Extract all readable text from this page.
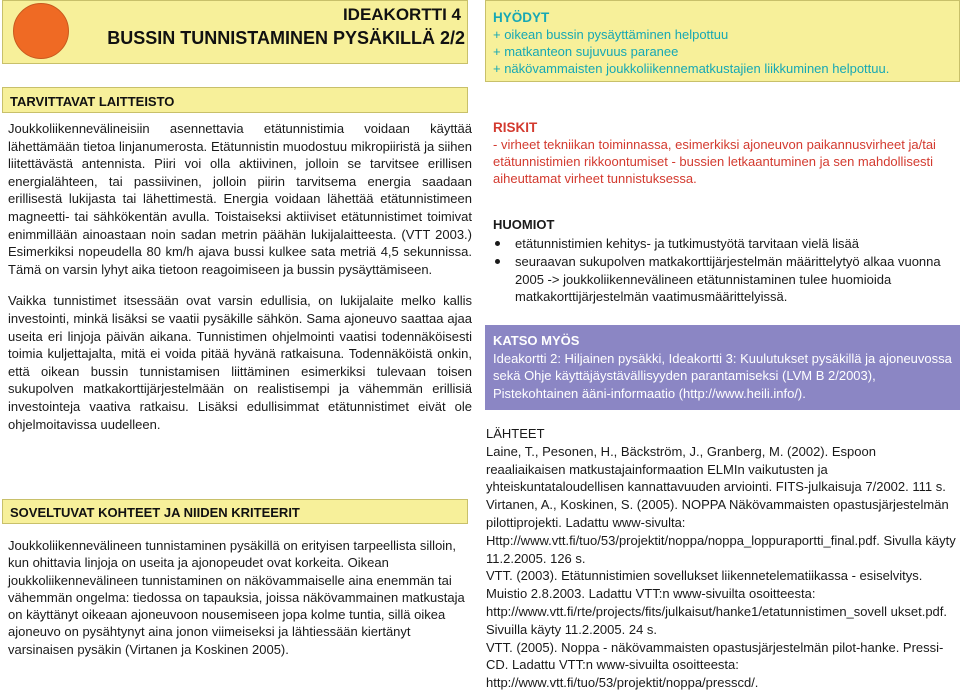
IDEAKORTTI 4
BUSSIN TUNNISTAMINEN PYSÄKILLÄ 2/2
TARVITTAVAT LAITTEISTO

Joukkoliikennevälineisiin asennettavia etätunnistimia voidaan käyttää lähettämään tietoa linjanumerosta. Etätunnistin muodostuu mikropiiristä ja siihen liitettävästä antennista. Piiri voi olla aktiivinen, jolloin se tarvitsee erillisen energialähteen, tai passiivinen, jolloin piirin tarvitsema energia saadaan erillisestä lukijasta tai lähettimestä. Energia voidaan lähettää etätunnistimeen magneetti- tai sähkökentän avulla. Toistaiseksi aktiiviset etätunnistimet toimivat enimmillään ainoastaan noin sadan metrin päähän lukijalaitteesta. (VTT 2003.) Esimerkiksi nopeudella 80 km/h ajava bussi kulkee sata metriä 4,5 sekunnissa. Tämä on varsin lyhyt aika tietoon reagoimiseen ja bussin pysäyttämiseen.

Vaikka tunnistimet itsessään ovat varsin edullisia, on lukijalaite melko kallis investointi, minkä lisäksi se vaatii pysäkille sähkön. Sama ajoneuvo saattaa ajaa useita eri linjoja päivän aikana. Tunnistimen ohjelmointi vaatisi todennäköisesti toimia kuljettajalta, mitä ei voida pitää hyvänä ratkaisuna. Todennäköistä onkin, että oikean bussin tunnistamisen liittäminen esimerkiksi tulevaan toisen sukupolven matkakorttijärjestelmään on realistisempi ja vähemmän erillisiä investointeja vaativa ratkaisu. Lisäksi edullisimmat etätunnistimet eivät ole ohjelmoitavissa uudelleen.

SOVELTUVAT KOHTEET JA NIIDEN KRITEERIT
Joukkoliikennevälineen tunnistaminen pysäkillä on erityisen tarpeellista silloin, kun ohittavia linjoja on useita ja ajonopeudet ovat korkeita. Oikean joukkoliikennevälineen tunnistaminen on näkövammaiselle aina enemmän tai vähemmän ongelma: tiedossa on tapauksia, joissa näkövammainen matkustaja on käyttänyt oikeaan ajoneuvoon nousemiseen jopa kolme tuntia, sillä oikea ajoneuvo on pysähtynyt aina jonon viimeiseksi ja lähtiessään kiertänyt varsinaisen pysäkin (Virtanen ja Koskinen 2005).
HYÖDYT
+ oikean bussin pysäyttäminen helpottuu
+ matkanteon sujuvuus paranee
+ näkövammaisten joukkoliikennematkustajien liikkuminen helpottuu.
RISKIT
- virheet tekniikan toiminnassa, esimerkiksi ajoneuvon paikannusvirheet ja/tai etätunnistimien rikkoontumiset - bussien letkaantuminen ja sen mahdollisesti aiheuttamat virheet tunnistuksessa.
HUOMIOT
etätunnistimien kehitys- ja tutkimustyötä tarvitaan vielä lisää
seuraavan sukupolven matkakorttijärjestelmän määrittelytyö alkaa vuonna 2005 -> joukkoliikennevälineen etätunnistaminen tulee huomioida matkakorttijärjestelmän vaatimusmäärittelyissä.
KATSO MYÖS
Ideakortti 2: Hiljainen pysäkki, Ideakortti 3: Kuulutukset pysäkillä ja ajoneuvossa sekä Ohje käyttäjäystävällisyyden parantamiseksi (LVM B 2/2003), Pistekohtainen ääni-informaatio (http://www.heili.info/).
LÄHTEET

Laine, T., Pesonen, H., Bäckström, J., Granberg, M. (2002). Espoon reaaliaikaisen matkustajainformaation ELMIn vaikutusten ja yhteiskuntataloudellisen kannattavuuden arviointi. FITS-julkaisuja 7/2002. 111 s.

Virtanen, A., Koskinen, S. (2005). NOPPA Näkövammaisten opastusjärjestelmän pilottiprojekti. Ladattu www-sivulta: Http://www.vtt.fi/tuo/53/projektit/noppa/noppa_loppuraportti_final.pdf. Sivulla käyty 11.2.2005. 126 s.

VTT. (2003). Etätunnistimien sovellukset liikennetelematiikassa - esiselvitys. Muistio 2.8.2003. Ladattu VTT:n www-sivuilta osoitteesta: http://www.vtt.fi/rte/projects/fits/julkaisut/hanke1/etatunnistimen_sovell ukset.pdf. Sivuilla käyty 11.2.2005. 24 s.

VTT. (2005). Noppa - näkövammaisten opastusjärjestelmän pilot-hanke. Pressi-CD. Ladattu VTT:n www-sivuilta osoitteesta: http://www.vtt.fi/tuo/53/projektit/noppa/presscd/.
